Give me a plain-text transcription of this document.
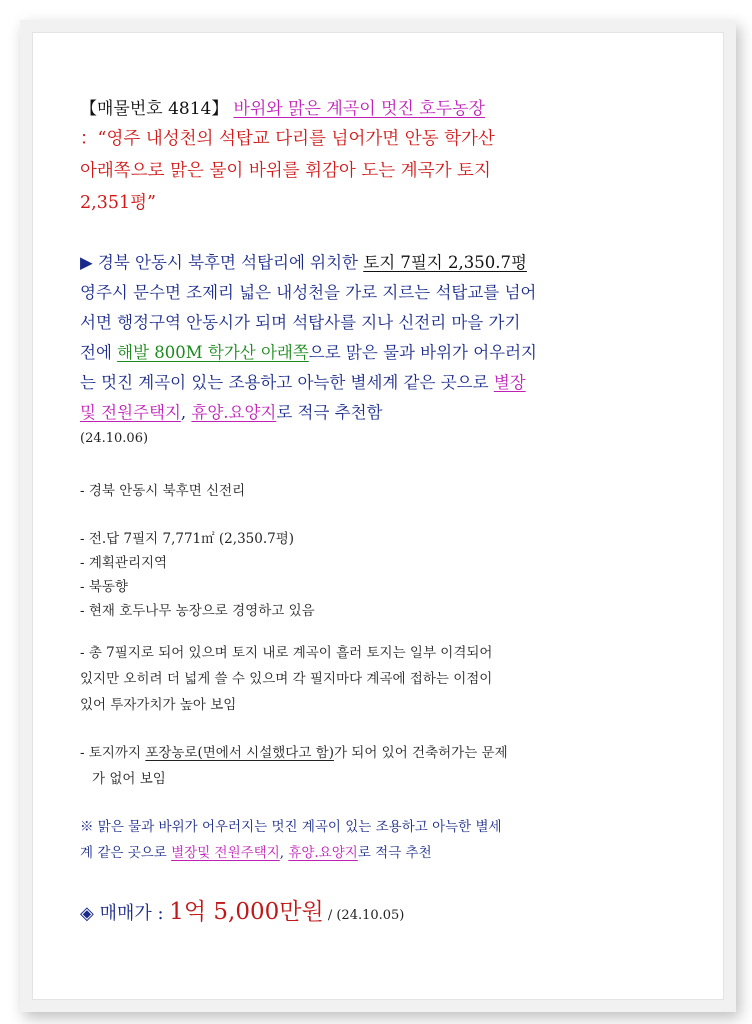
【매물번호 4814】 바위와 맑은 계곡이 멋진 호두농장
：“영주 내성천의 석탑교 다리를 넘어가면 안동 학가산
아래쪽으로 맑은 물이 바위를 휘감아 도는 계곡가 토지
2,351평”
▶ 경북 안동시 북후면 석탑리에 위치한 토지 7필지 2,350.7평
영주시 문수면 조제리 넓은 내성천을 가로 지르는 석탑교를 넘어
서면 행정구역 안동시가 되며 석탑사를 지나 신전리 마을 가기
전에 해발 800M 학가산 아래쪽으로 맑은 물과 바위가 어우러지
는 멋진 계곡이 있는 조용하고 아늑한 별세계 같은 곳으로 별장
및 전원주택지, 휴양.요양지로 적극 추천함
(24.10.06)
- 경북 안동시 북후면 신전리
- 전.답 7필지 7,771㎡ (2,350.7평)
- 계획관리지역
- 북동향
- 현재 호두나무 농장으로 경영하고 있음
- 총 7필지로 되어 있으며 토지 내로 계곡이 흘러 토지는 일부 이격되어
있지만 오히려 더 넓게 쓸 수 있으며 각 필지마다 계곡에 접하는 이점이
있어 투자가치가 높아 보임
- 토지까지 포장농로(면에서 시설했다고 함)가 되어 있어 건축허가는 문제
가 없어 보임
※ 맑은 물과 바위가 어우러지는 멋진 계곡이 있는 조용하고 아늑한 별세
계 같은 곳으로 별장및 전원주택지, 휴양.요양지로 적극 추천
◈ 매매가 : 1억 5,000만원 / (24.10.05)
